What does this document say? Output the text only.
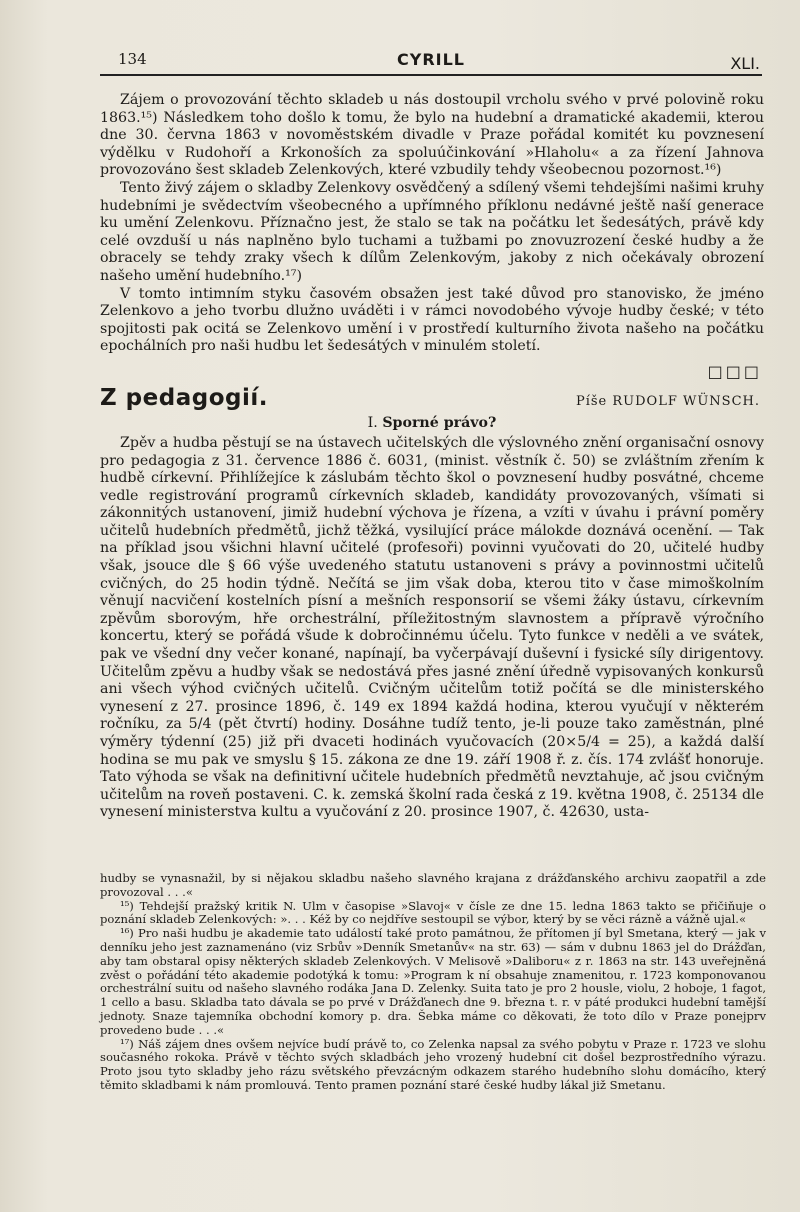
134	CYRILL	XLI.

Zájem o provozování těchto skladeb u nás dostoupil vrcholu svého v prvé polovině roku 1863.¹⁵) Následkem toho došlo k tomu, že bylo na hudební a dramatické akademii, kterou dne 30. června 1863 v novoměstském divadle v Praze pořádal komitét ku povznesení výdělku v Rudohoří a Krkonoších za spoluúčinkování »Hlaholu« a za řízení Jahnova provozováno šest skladeb Zelenkových, které vzbudily tehdy všeobecnou pozornost.¹⁶)

Tento živý zájem o skladby Zelenkovy osvědčený a sdílený všemi tehdejšími našimi kruhy hudebními je svědectvím všeobecného a upřímného příklonu nedávné ještě naší generace ku umění Zelenkovu. Příznačno jest, že stalo se tak na počátku let šedesátých, právě kdy celé ovzduší u nás naplněno bylo tuchami a tužbami po znovuzrození české hudby a že obracely se tehdy zraky všech k dílům Zelenkovým, jakoby z nich očekávaly obrození našeho umění hudebního.¹⁷)

V tomto intimním styku časovém obsažen jest také důvod pro stanovisko, že jméno Zelenkovo a jeho tvorbu dlužno uváděti i v rámci novodobého vývoje hudby české; v této spojitosti pak ocitá se Zelenkovo umění i v prostředí kulturního života našeho na počátku epochálních pro naši hudbu let šedesátých v minulém století.

□□□
Z pedagogií.	Píše RUDOLF WÜNSCH.
I. Sporné právo?

Zpěv a hudba pěstují se na ústavech učitelských dle výslovného znění organisační osnovy pro pedagogia z 31. července 1886 č. 6031, (minist. věstník č. 50) se zvláštním zřením k hudbě církevní. Přihlížejíce k záslubám těchto škol o povznesení hudby posvátné, chceme vedle registrování programů církevních skladeb, kandidáty provozovaných, všímati si zákonnitých ustanovení, jimiž hudební výchova je řízena, a vzíti v úvahu i právní poměry učitelů hudebních předmětů, jichž těžká, vysilující práce málokde doznává ocenění. — Tak na příklad jsou všichni hlavní učitelé (profesoři) povinni vyučovati do 20, učitelé hudby však, jsouce dle § 66 výše uvedeného statutu ustanoveni s právy a povinnostmi učitelů cvičných, do 25 hodin týdně. Nečítá se jim však doba, kterou tito v čase mimoškolním věnují nacvičení kostelních písní a mešních responsorií se všemi žáky ústavu, církevním zpěvům sborovým, hře orchestrální, příležitostným slavnostem a přípravě výročního koncertu, který se pořádá všude k dobročinnému účelu. Tyto funkce v neděli a ve svátek, pak ve všední dny večer konané, napínají, ba vyčerpávají duševní i fysické síly dirigentovy. Učitelům zpěvu a hudby však se nedostává přes jasné znění úředně vypisovaných konkursů ani všech výhod cvičných učitelů. Cvičným učitelům totiž počítá se dle ministerského vynesení z 27. prosince 1896, č. 149 ex 1894 každá hodina, kterou vyučují v některém ročníku, za 5/4 (pět čtvrtí) hodiny. Dosáhne tudíž tento, je-li pouze tako zaměstnán, plné výměry týdenní (25) již při dvaceti hodinách vyučovacích (20×5/4 = 25), a každá další hodina se mu pak ve smyslu § 15. zákona ze dne 19. září 1908 ř. z. čís. 174 zvlášť honoruje. Tato výhoda se však na definitivní učitele hudebních předmětů nevztahuje, ač jsou cvičným učitelům na roveň postaveni. C. k. zemská školní rada česká z 19. května 1908, č. 25134 dle vynesení ministerstva kultu a vyučování z 20. prosince 1907, č. 42630, usta-

hudby se vynasnažil, by si nějakou skladbu našeho slavného krajana z drážďanského archivu zaopatřil a zde provozoval . . .«

¹⁵) Tehdejší pražský kritik N. Ulm v časopise »Slavoj« v čísle ze dne 15. ledna 1863 takto se přičiňuje o poznání skladeb Zelenkových: ». . . Kéž by co nejdříve sestoupil se výbor, který by se věci rázně a vážně ujal.«

¹⁶) Pro naši hudbu je akademie tato událostí také proto památnou, že přítomen jí byl Smetana, který — jak v denníku jeho jest zaznamenáno (viz Srbův »Denník Smetanův« na str. 63) — sám v dubnu 1863 jel do Drážďan, aby tam obstaral opisy některých skladeb Zelenkových. V Melisově »Daliboru« z r. 1863 na str. 143 uveřejněná zvěst o pořádání této akademie podotýká k tomu: »Program k ní obsahuje znamenitou, r. 1723 komponovanou orchestrální suitu od našeho slavného rodáka Jana D. Zelenky. Suita tato je pro 2 housle, violu, 2 hoboje, 1 fagot, 1 cello a basu. Skladba tato dávala se po prvé v Drážďanech dne 9. března t. r. v páté produkci hudební tamější jednoty. Snaze tajemníka obchodní komory p. dra. Šebka máme co děkovati, že toto dílo v Praze ponejprv provedeno bude . . .«

¹⁷) Náš zájem dnes ovšem nejvíce budí právě to, co Zelenka napsal za svého pobytu v Praze r. 1723 ve slohu současného rokoka. Právě v těchto svých skladbách jeho vrozený hudební cit došel bezprostředního výrazu. Proto jsou tyto skladby jeho rázu světského převzácným odkazem starého hudebního slohu domácího, který těmito skladbami k nám promlouvá. Tento pramen poznání staré české hudby lákal již Smetanu.
